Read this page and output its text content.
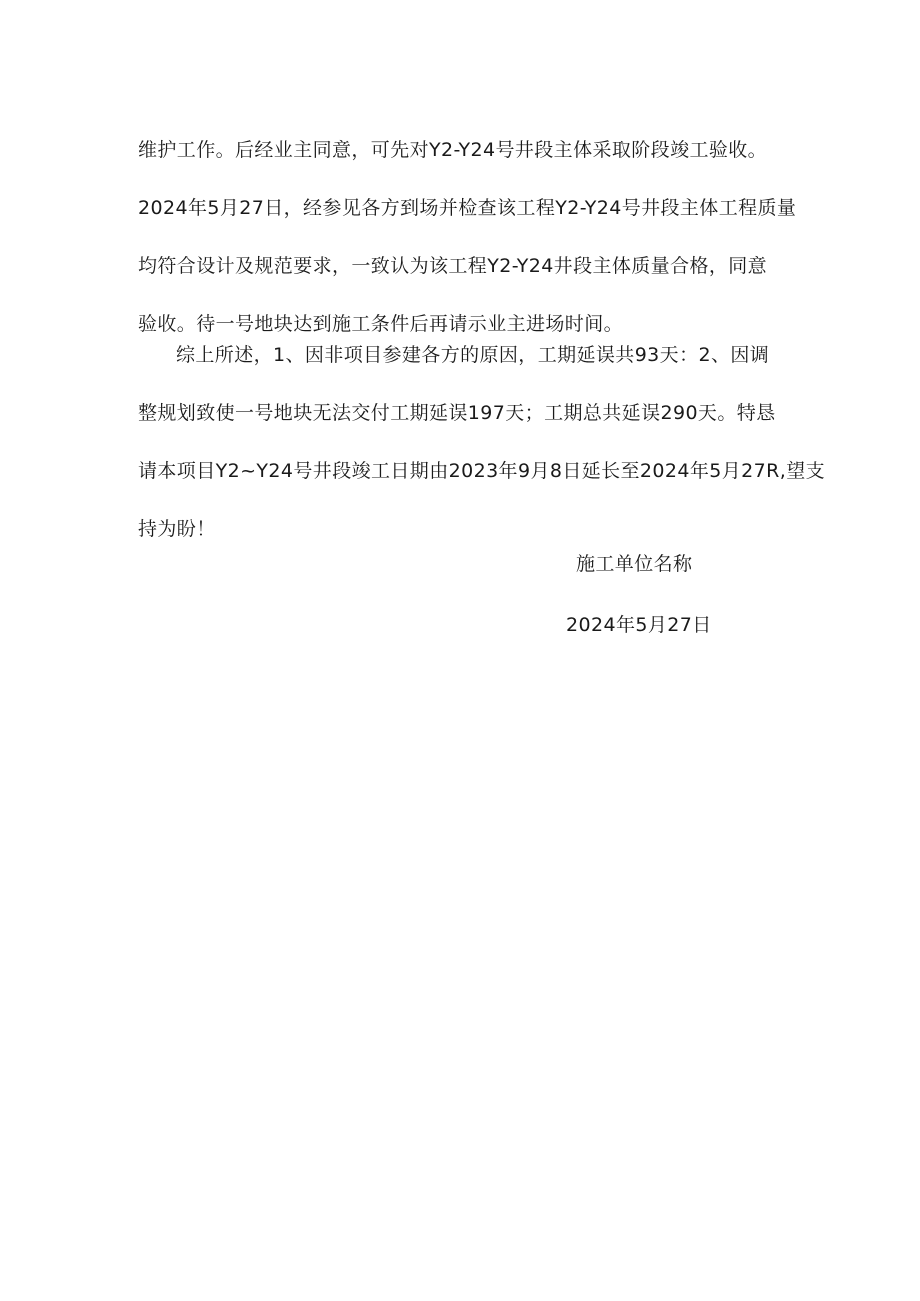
维护工作。后经业主同意，可先对Y2-Y24号井段主体采取阶段竣工验收。
2024年5月27日，经参见各方到场并检查该工程Y2-Y24号井段主体工程质量
均符合设计及规范要求，一致认为该工程Y2-Y24井段主体质量合格，同意
验收。待一号地块达到施工条件后再请示业主进场时间。
综上所述，1、因非项目参建各方的原因，工期延误共93天：2、因调
整规划致使一号地块无法交付工期延误197天；工期总共延误290天。特恳
请本项目Y2~Y24号井段竣工日期由2023年9月8日延长至2024年5月27R,望支
持为盼！
施工单位名称
2024年5月27日
